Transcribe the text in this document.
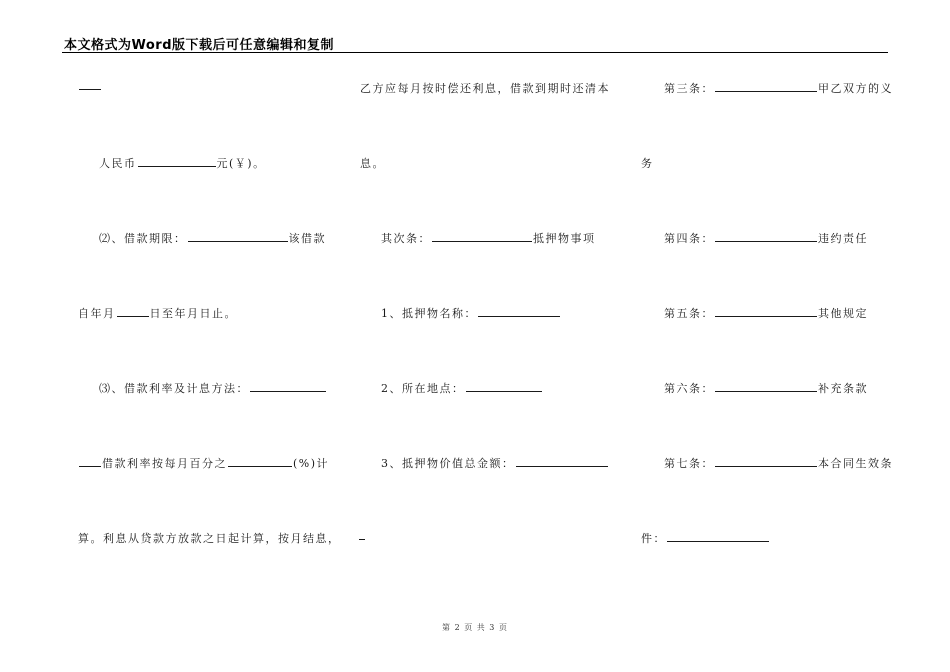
本文格式为Word版下载后可任意编辑和复制
人民币	元(￥)。
⑵、借款期限：	该借款
自年月	日至年月日止。
⑶、借款利率及计息方法：
借款利率按每月百分之	(%)计
算。利息从贷款方放款之日起计算，按月结息，
乙方应每月按时偿还利息，借款到期时还清本
息。
其次条：	抵押物事项
1、抵押物名称：
2、所在地点：
3、抵押物价值总金额：
第三条：	甲乙双方的义
务
第四条：	违约责任
第五条：	其他规定
第六条：	补充条款
第七条：	本合同生效条
件：
第 2 页 共 3 页
